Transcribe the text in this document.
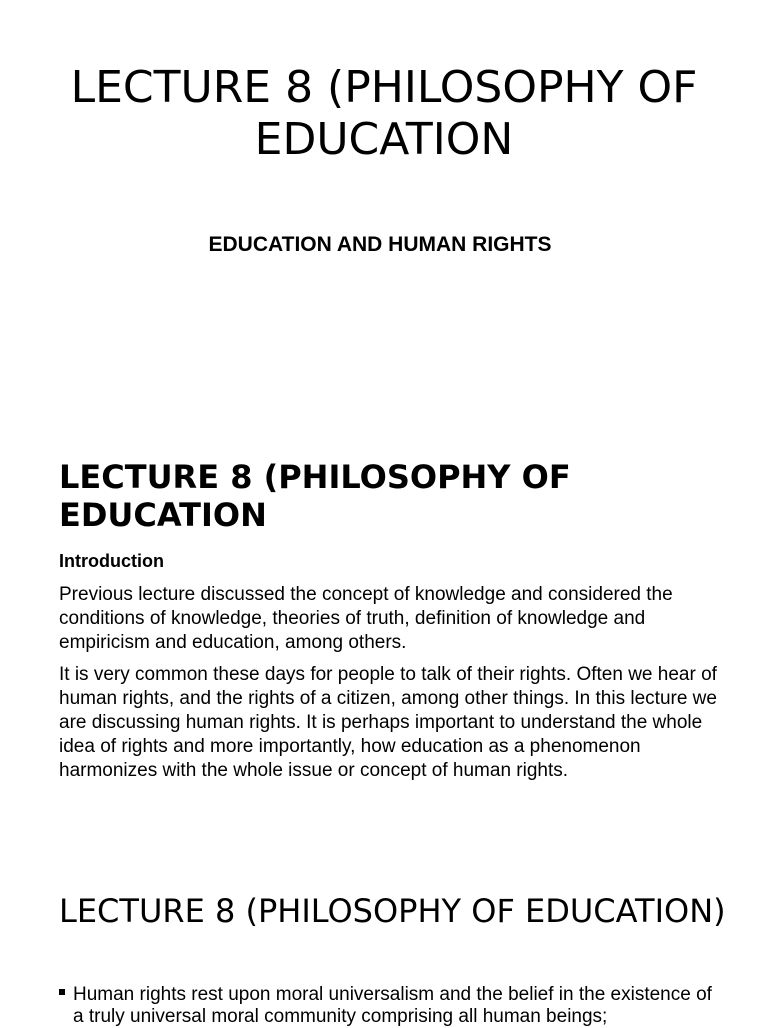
LECTURE 8 (PHILOSOPHY OF EDUCATION
EDUCATION AND HUMAN RIGHTS
LECTURE 8 (PHILOSOPHY OF EDUCATION
Introduction

Previous lecture discussed the concept of knowledge and considered the conditions of knowledge, theories of truth, definition of knowledge and empiricism and education, among others.

It is very common these days for people to talk of their rights. Often we hear of human rights, and the rights of a citizen, among other things. In this lecture we are discussing human rights. It is perhaps important to understand the whole idea of rights and more importantly, how education as a phenomenon harmonizes with the whole issue or concept of human rights.

LECTURE 8 (PHILOSOPHY OF EDUCATION)
Human rights rest upon moral universalism and the belief in the existence of a truly universal moral community comprising all human beings;
